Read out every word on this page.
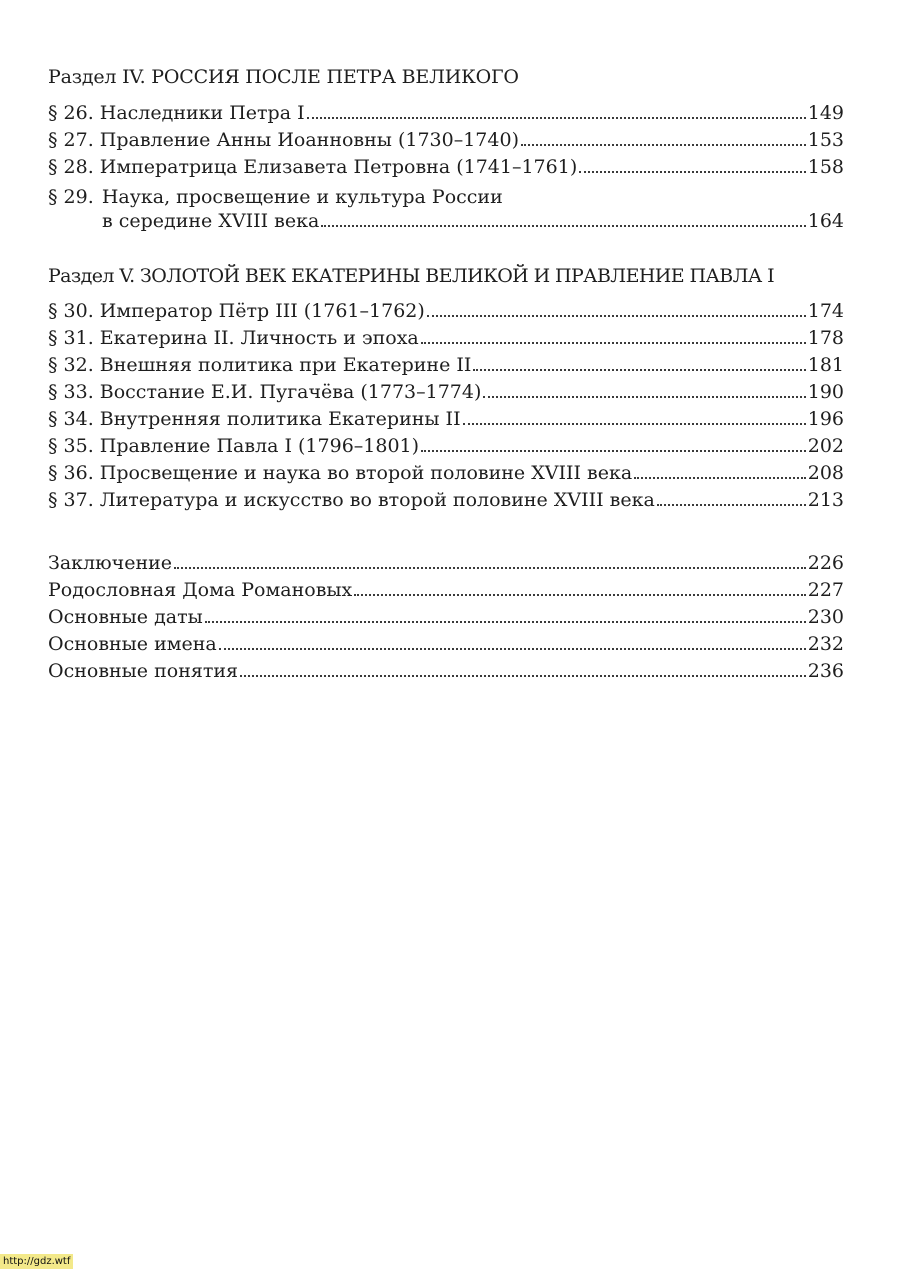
Раздел IV. РОССИЯ ПОСЛЕ ПЕТРА ВЕЛИКОГО
§ 26. Наследники Петра I	149
§ 27. Правление Анны Иоанновны (1730–1740)	153
§ 28. Императрица Елизавета Петровна (1741–1761)	158
§ 29. Наука, просвещение и культура России
в середине XVIII века	164
Раздел V. ЗОЛОТОЙ ВЕК ЕКАТЕРИНЫ ВЕЛИКОЙ И ПРАВЛЕНИЕ ПАВЛА I
§ 30. Император Пётр III (1761–1762)	174
§ 31. Екатерина II. Личность и эпоха	178
§ 32. Внешняя политика при Екатерине II	181
§ 33. Восстание Е.И. Пугачёва (1773–1774)	190
§ 34. Внутренняя политика Екатерины II	196
§ 35. Правление Павла I (1796–1801)	202
§ 36. Просвещение и наука во второй половине XVIII века	208
§ 37. Литература и искусство во второй половине XVIII века	213
Заключение	226
Родословная Дома Романовых	227
Основные даты	230
Основные имена	232
Основные понятия	236
http://gdz.wtf
